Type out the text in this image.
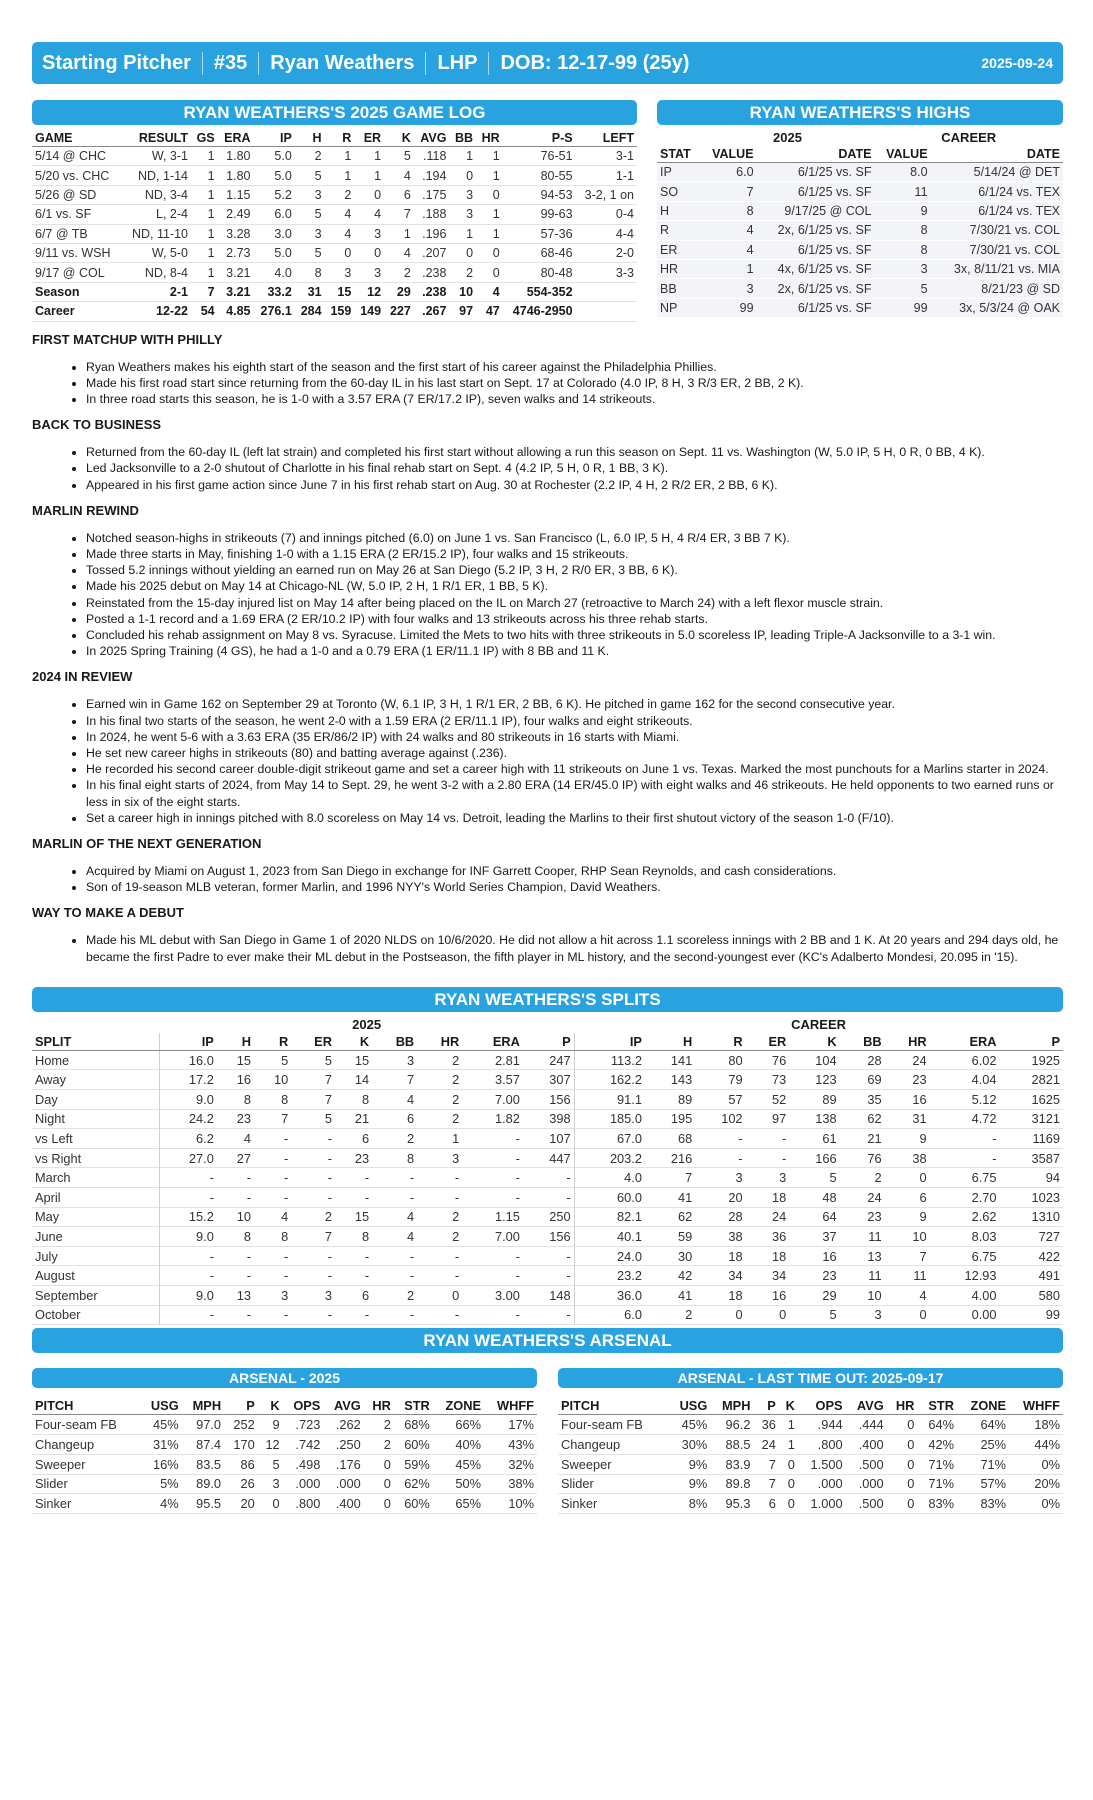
Starting Pitcher	#35	Ryan Weathers	LHP	DOB: 12-17-99 (25y)	2025-09-24
RYAN WEATHERS'S 2025 GAME LOG
GAME	RESULT	GS	ERA	IP	H	R	ER	K	AVG	BB	HR	P-S	LEFT
5/14 @ CHC	W, 3-1	1	1.80	5.0	2	1	1	5	.118	1	1	76-51	3-1
5/20 vs. CHC	ND, 1-14	1	1.80	5.0	5	1	1	4	.194	0	1	80-55	1-1
5/26 @ SD	ND, 3-4	1	1.15	5.2	3	2	0	6	.175	3	0	94-53	3-2, 1 on
6/1 vs. SF	L, 2-4	1	2.49	6.0	5	4	4	7	.188	3	1	99-63	0-4
6/7 @ TB	ND, 11-10	1	3.28	3.0	3	4	3	1	.196	1	1	57-36	4-4
9/11 vs. WSH	W, 5-0	1	2.73	5.0	5	0	0	4	.207	0	0	68-46	2-0
9/17 @ COL	ND, 8-4	1	3.21	4.0	8	3	3	2	.238	2	0	80-48	3-3
Season	2-1	7	3.21	33.2	31	15	12	29	.238	10	4	554-352	
Career	12-22	54	4.85	276.1	284	159	149	227	.267	97	47	4746-2950	
RYAN WEATHERS'S HIGHS
	2025		CAREER	
STAT	VALUE	DATE	VALUE	DATE
IP	6.0	6/1/25 vs. SF	8.0	5/14/24 @ DET
SO	7	6/1/25 vs. SF	11	6/1/24 vs. TEX
H	8	9/17/25 @ COL	9	6/1/24 vs. TEX
R	4	2x, 6/1/25 vs. SF	8	7/30/21 vs. COL
ER	4	6/1/25 vs. SF	8	7/30/21 vs. COL
HR	1	4x, 6/1/25 vs. SF	3	3x, 8/11/21 vs. MIA
BB	3	2x, 6/1/25 vs. SF	5	8/21/23 @ SD
NP	99	6/1/25 vs. SF	99	3x, 5/3/24 @ OAK
FIRST MATCHUP WITH PHILLY
• Ryan Weathers makes his eighth start of the season and the first start of his career against the Philadelphia Phillies.
• Made his first road start since returning from the 60-day IL in his last start on Sept. 17 at Colorado (4.0 IP, 8 H, 3 R/3 ER, 2 BB, 2 K).
• In three road starts this season, he is 1-0 with a 3.57 ERA (7 ER/17.2 IP), seven walks and 14 strikeouts.
BACK TO BUSINESS
• Returned from the 60-day IL (left lat strain) and completed his first start without allowing a run this season on Sept. 11 vs. Washington (W, 5.0 IP, 5 H, 0 R, 0 BB, 4 K).
• Led Jacksonville to a 2-0 shutout of Charlotte in his final rehab start on Sept. 4 (4.2 IP, 5 H, 0 R, 1 BB, 3 K).
• Appeared in his first game action since June 7 in his first rehab start on Aug. 30 at Rochester (2.2 IP, 4 H, 2 R/2 ER, 2 BB, 6 K).
MARLIN REWIND
• Notched season-highs in strikeouts (7) and innings pitched (6.0) on June 1 vs. San Francisco (L, 6.0 IP, 5 H, 4 R/4 ER, 3 BB 7 K).
• Made three starts in May, finishing 1-0 with a 1.15 ERA (2 ER/15.2 IP), four walks and 15 strikeouts.
• Tossed 5.2 innings without yielding an earned run on May 26 at San Diego (5.2 IP, 3 H, 2 R/0 ER, 3 BB, 6 K).
• Made his 2025 debut on May 14 at Chicago-NL (W, 5.0 IP, 2 H, 1 R/1 ER, 1 BB, 5 K).
• Reinstated from the 15-day injured list on May 14 after being placed on the IL on March 27 (retroactive to March 24) with a left flexor muscle strain.
• Posted a 1-1 record and a 1.69 ERA (2 ER/10.2 IP) with four walks and 13 strikeouts across his three rehab starts.
• Concluded his rehab assignment on May 8 vs. Syracuse. Limited the Mets to two hits with three strikeouts in 5.0 scoreless IP, leading Triple-A Jacksonville to a 3-1 win.
• In 2025 Spring Training (4 GS), he had a 1-0 and a 0.79 ERA (1 ER/11.1 IP) with 8 BB and 11 K.
2024 IN REVIEW
• Earned win in Game 162 on September 29 at Toronto (W, 6.1 IP, 3 H, 1 R/1 ER, 2 BB, 6 K). He pitched in game 162 for the second consecutive year.
• In his final two starts of the season, he went 2-0 with a 1.59 ERA (2 ER/11.1 IP), four walks and eight strikeouts.
• In 2024, he went 5-6 with a 3.63 ERA (35 ER/86/2 IP) with 24 walks and 80 strikeouts in 16 starts with Miami.
• He set new career highs in strikeouts (80) and batting average against (.236).
• He recorded his second career double-digit strikeout game and set a career high with 11 strikeouts on June 1 vs. Texas. Marked the most punchouts for a Marlins starter in 2024.
• In his final eight starts of 2024, from May 14 to Sept. 29, he went 3-2 with a 2.80 ERA (14 ER/45.0 IP) with eight walks and 46 strikeouts. He held opponents to two earned runs or less in six of the eight starts.
• Set a career high in innings pitched with 8.0 scoreless on May 14 vs. Detroit, leading the Marlins to their first shutout victory of the season 1-0 (F/10).
MARLIN OF THE NEXT GENERATION
• Acquired by Miami on August 1, 2023 from San Diego in exchange for INF Garrett Cooper, RHP Sean Reynolds, and cash considerations.
• Son of 19-season MLB veteran, former Marlin, and 1996 NYY's World Series Champion, David Weathers.
WAY TO MAKE A DEBUT
• Made his ML debut with San Diego in Game 1 of 2020 NLDS on 10/6/2020. He did not allow a hit across 1.1 scoreless innings with 2 BB and 1 K. At 20 years and 294 days old, he became the first Padre to ever make their ML debut in the Postseason, the fifth player in ML history, and the second-youngest ever (KC's Adalberto Mondesi, 20.095 in '15).
RYAN WEATHERS'S SPLITS
	2025									CAREER								
SPLIT	IP	H	R	ER	K	BB	HR	ERA	P	IP	H	R	ER	K	BB	HR	ERA	P
Home	16.0	15	5	5	15	3	2	2.81	247	113.2	141	80	76	104	28	24	6.02	1925
Away	17.2	16	10	7	14	7	2	3.57	307	162.2	143	79	73	123	69	23	4.04	2821
Day	9.0	8	8	7	8	4	2	7.00	156	91.1	89	57	52	89	35	16	5.12	1625
Night	24.2	23	7	5	21	6	2	1.82	398	185.0	195	102	97	138	62	31	4.72	3121
vs Left	6.2	4	-	-	6	2	1	-	107	67.0	68	-	-	61	21	9	-	1169
vs Right	27.0	27	-	-	23	8	3	-	447	203.2	216	-	-	166	76	38	-	3587
March	-	-	-	-	-	-	-	-	-	4.0	7	3	3	5	2	0	6.75	94
April	-	-	-	-	-	-	-	-	-	60.0	41	20	18	48	24	6	2.70	1023
May	15.2	10	4	2	15	4	2	1.15	250	82.1	62	28	24	64	23	9	2.62	1310
June	9.0	8	8	7	8	4	2	7.00	156	40.1	59	38	36	37	11	10	8.03	727
July	-	-	-	-	-	-	-	-	-	24.0	30	18	18	16	13	7	6.75	422
August	-	-	-	-	-	-	-	-	-	23.2	42	34	34	23	11	11	12.93	491
September	9.0	13	3	3	6	2	0	3.00	148	36.0	41	18	16	29	10	4	4.00	580
October	-	-	-	-	-	-	-	-	-	6.0	2	0	0	5	3	0	0.00	99
RYAN WEATHERS'S ARSENAL
ARSENAL - 2025
PITCH	USG	MPH	P	K	OPS	AVG	HR	STR	ZONE	WHFF
Four-seam FB	45%	97.0	252	9	.723	.262	2	68%	66%	17%
Changeup	31%	87.4	170	12	.742	.250	2	60%	40%	43%
Sweeper	16%	83.5	86	5	.498	.176	0	59%	45%	32%
Slider	5%	89.0	26	3	.000	.000	0	62%	50%	38%
Sinker	4%	95.5	20	0	.800	.400	0	60%	65%	10%
ARSENAL - LAST TIME OUT: 2025-09-17
PITCH	USG	MPH	P	K	OPS	AVG	HR	STR	ZONE	WHFF
Four-seam FB	45%	96.2	36	1	.944	.444	0	64%	64%	18%
Changeup	30%	88.5	24	1	.800	.400	0	42%	25%	44%
Sweeper	9%	83.9	7	0	1.500	.500	0	71%	71%	0%
Slider	9%	89.8	7	0	.000	.000	0	71%	57%	20%
Sinker	8%	95.3	6	0	1.000	.500	0	83%	83%	0%
